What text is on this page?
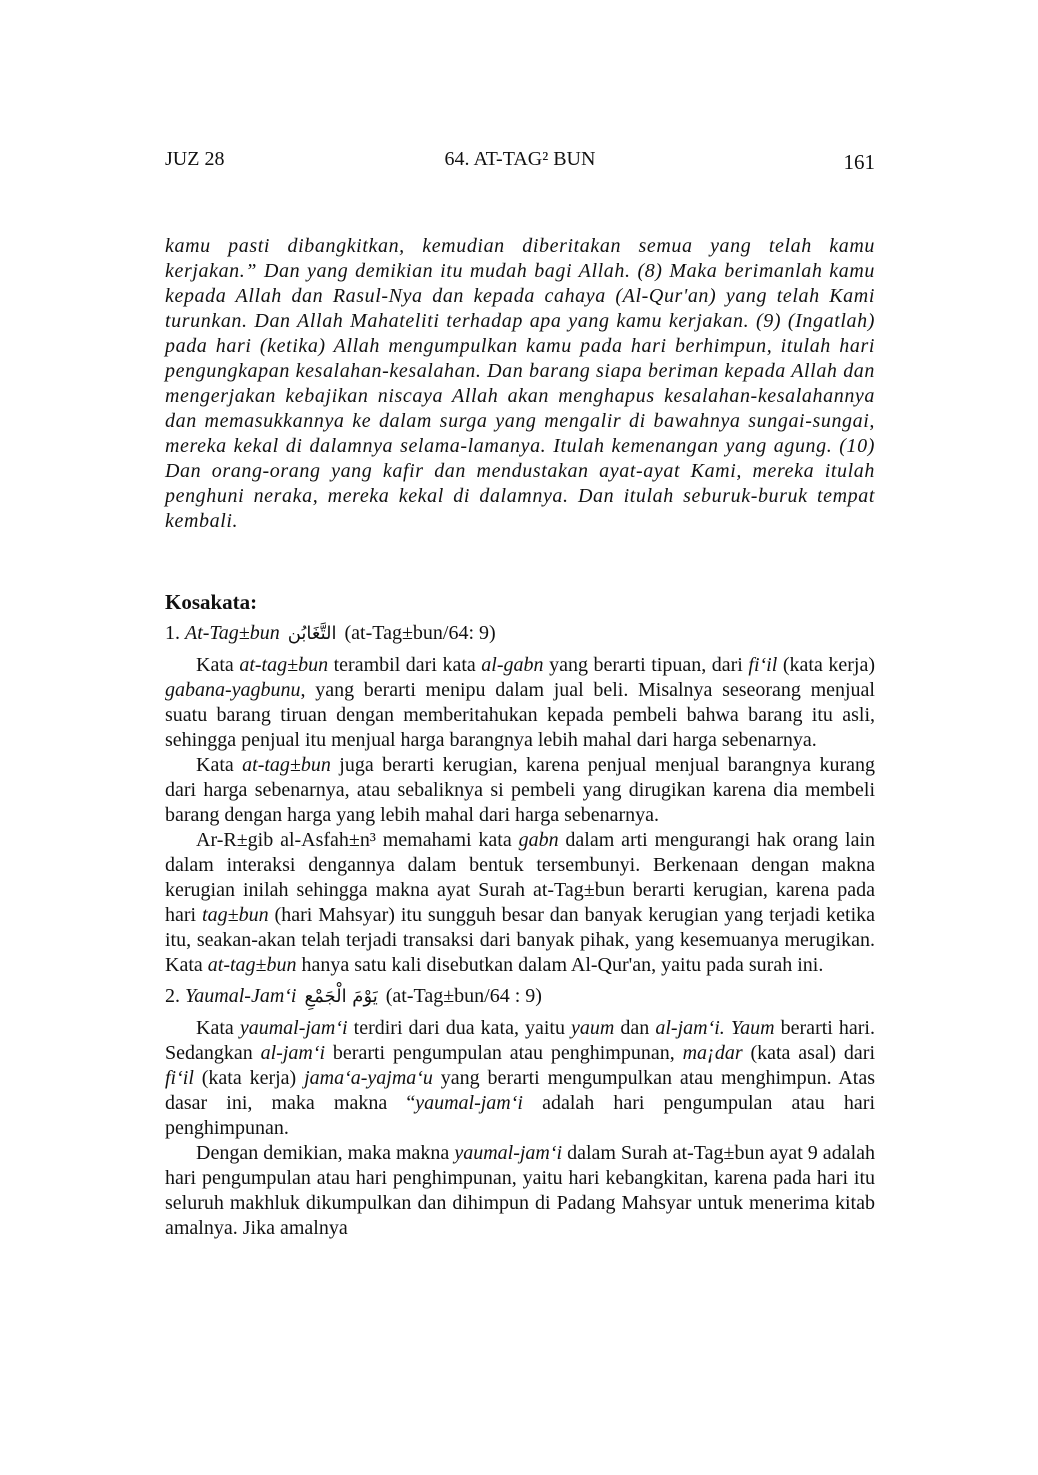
JUZ 28	64. AT-TAG² BUN	161

kamu pasti dibangkitkan, kemudian diberitakan semua yang telah kamu kerjakan.” Dan yang demikian itu mudah bagi Allah. (8) Maka berimanlah kamu kepada Allah dan Rasul-Nya dan kepada cahaya (Al-Qur'an) yang telah Kami turunkan. Dan Allah Mahateliti terhadap apa yang kamu kerjakan. (9) (Ingatlah) pada hari (ketika) Allah mengumpulkan kamu pada hari berhimpun, itulah hari pengungkapan kesalahan-kesalahan. Dan barang siapa beriman kepada Allah dan mengerjakan kebajikan niscaya Allah akan menghapus kesalahan-kesalahannya dan memasukkannya ke dalam surga yang mengalir di bawahnya sungai-sungai, mereka kekal di dalamnya selama-lamanya. Itulah kemenangan yang agung. (10) Dan orang-orang yang kafir dan mendustakan ayat-ayat Kami, mereka itulah penghuni neraka, mereka kekal di dalamnya. Dan itulah seburuk-buruk tempat kembali.

Kosakata:

1. At-Tag±bun التَّغَابُن (at-Tag±bun/64: 9)

Kata at-tag±bun terambil dari kata al-gabn yang berarti tipuan, dari fi‘il (kata kerja) gabana-yagbunu, yang berarti menipu dalam jual beli. Misalnya seseorang menjual suatu barang tiruan dengan memberitahukan kepada pembeli bahwa barang itu asli, sehingga penjual itu menjual harga barangnya lebih mahal dari harga sebenarnya.

Kata at-tag±bun juga berarti kerugian, karena penjual menjual barangnya kurang dari harga sebenarnya, atau sebaliknya si pembeli yang dirugikan karena dia membeli barang dengan harga yang lebih mahal dari harga sebenarnya.

Ar-R±gib al-Asfah±n³ memahami kata gabn dalam arti mengurangi hak orang lain dalam interaksi dengannya dalam bentuk tersembunyi. Berkenaan dengan makna kerugian inilah sehingga makna ayat Surah at-Tag±bun berarti kerugian, karena pada hari tag±bun (hari Mahsyar) itu sungguh besar dan banyak kerugian yang terjadi ketika itu, seakan-akan telah terjadi transaksi dari banyak pihak, yang kesemuanya merugikan. Kata at-tag±bun hanya satu kali disebutkan dalam Al-Qur'an, yaitu pada surah ini.

2. Yaumal-Jam‘i يَوْمَ الْجَمْعِ (at-Tag±bun/64 : 9)

Kata yaumal-jam‘i terdiri dari dua kata, yaitu yaum dan al-jam‘i. Yaum berarti hari. Sedangkan al-jam‘i berarti pengumpulan atau penghimpunan, ma¡dar (kata asal) dari fi‘il (kata kerja) jama‘a-yajma‘u yang berarti mengumpulkan atau menghimpun. Atas dasar ini, maka makna “yaumal-jam‘i adalah hari pengumpulan atau hari penghimpunan.

Dengan demikian, maka makna yaumal-jam‘i dalam Surah at-Tag±bun ayat 9 adalah hari pengumpulan atau hari penghimpunan, yaitu hari kebangkitan, karena pada hari itu seluruh makhluk dikumpulkan dan dihimpun di Padang Mahsyar untuk menerima kitab amalnya. Jika amalnya
